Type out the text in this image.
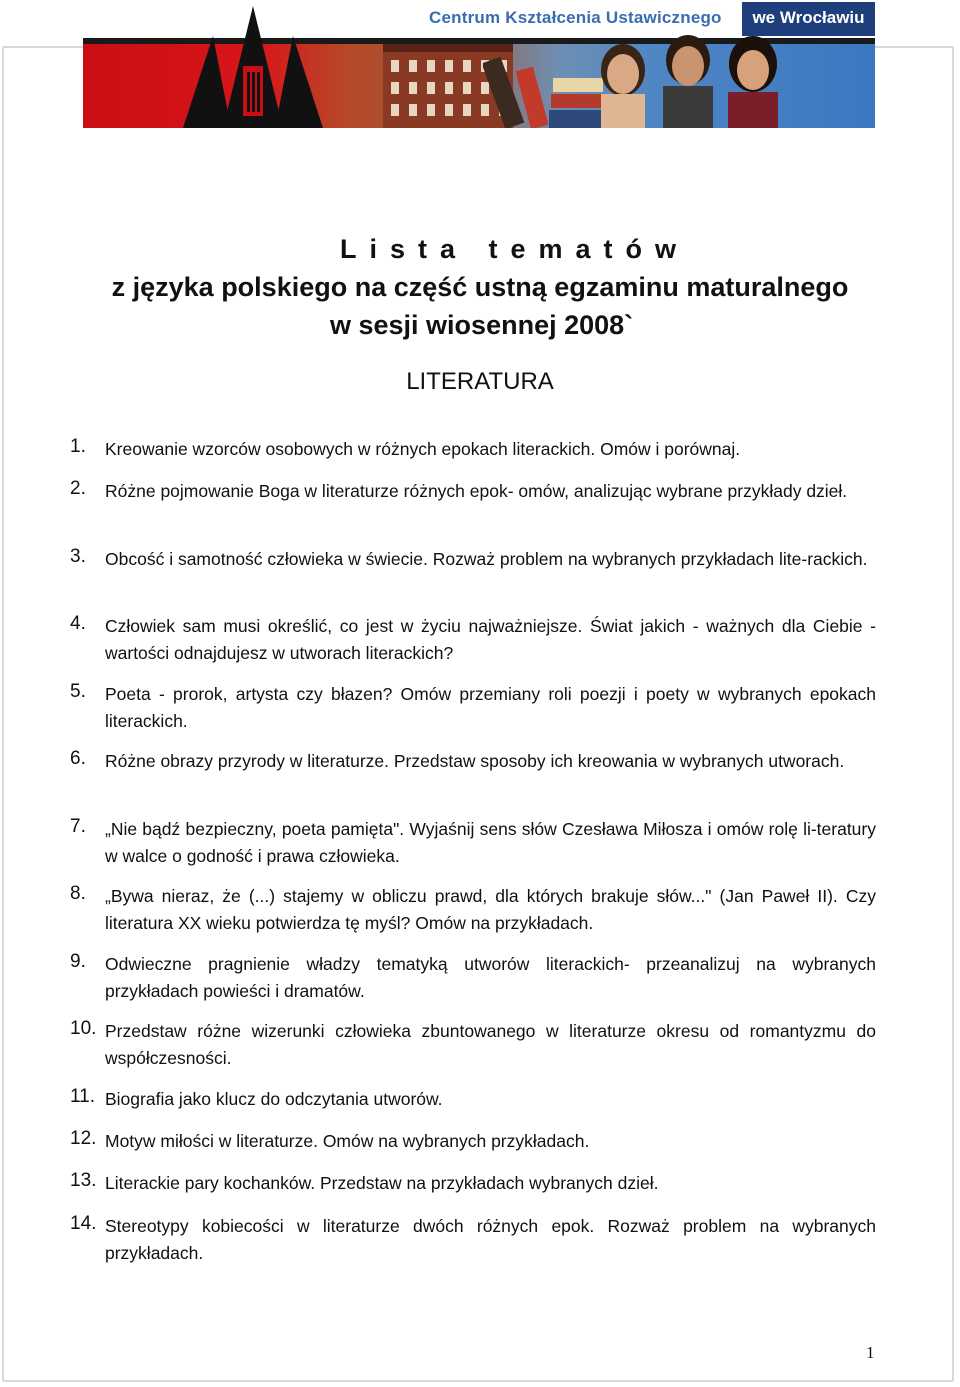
Centrum Kształcenia Ustawicznego	we Wrocławiu
Lista tematów
z języka polskiego na część ustną egzaminu maturalnego
w sesji wiosennej 2008`
LITERATURA
1.	Kreowanie wzorców osobowych w różnych epokach literackich. Omów i porównaj.
2.	Różne pojmowanie Boga w literaturze różnych epok- omów, analizując wybrane przykłady dzieł.
3.	Obcość i samotność człowieka w świecie. Rozważ problem na wybranych przykładach lite-rackich.
4.	Człowiek sam musi określić, co jest w życiu najważniejsze. Świat jakich - ważnych dla Ciebie - wartości odnajdujesz w utworach literackich?
5.	Poeta - prorok, artysta czy błazen? Omów przemiany roli poezji i poety w wybranych epokach literackich.
6.	Różne obrazy przyrody w literaturze. Przedstaw sposoby ich kreowania w wybranych utworach.
7.	„Nie bądź bezpieczny, poeta pamięta". Wyjaśnij sens słów Czesława Miłosza i omów rolę li-teratury w walce o godność i prawa człowieka.
8.	„Bywa nieraz, że (...) stajemy w obliczu prawd, dla których brakuje słów..." (Jan Paweł II). Czy literatura XX wieku potwierdza tę myśl? Omów na przykładach.
9.	Odwieczne pragnienie władzy tematyką utworów literackich- przeanalizuj na wybranych przykładach powieści i dramatów.
10. Przedstaw różne wizerunki człowieka zbuntowanego w literaturze okresu od romantyzmu do współczesności.
11. Biografia jako klucz do odczytania utworów.
12. Motyw miłości w literaturze. Omów na wybranych przykładach.
13. Literackie pary kochanków. Przedstaw na przykładach wybranych dzieł.
14. Stereotypy kobiecości w literaturze dwóch różnych epok. Rozważ problem na wybranych przykładach.
1
